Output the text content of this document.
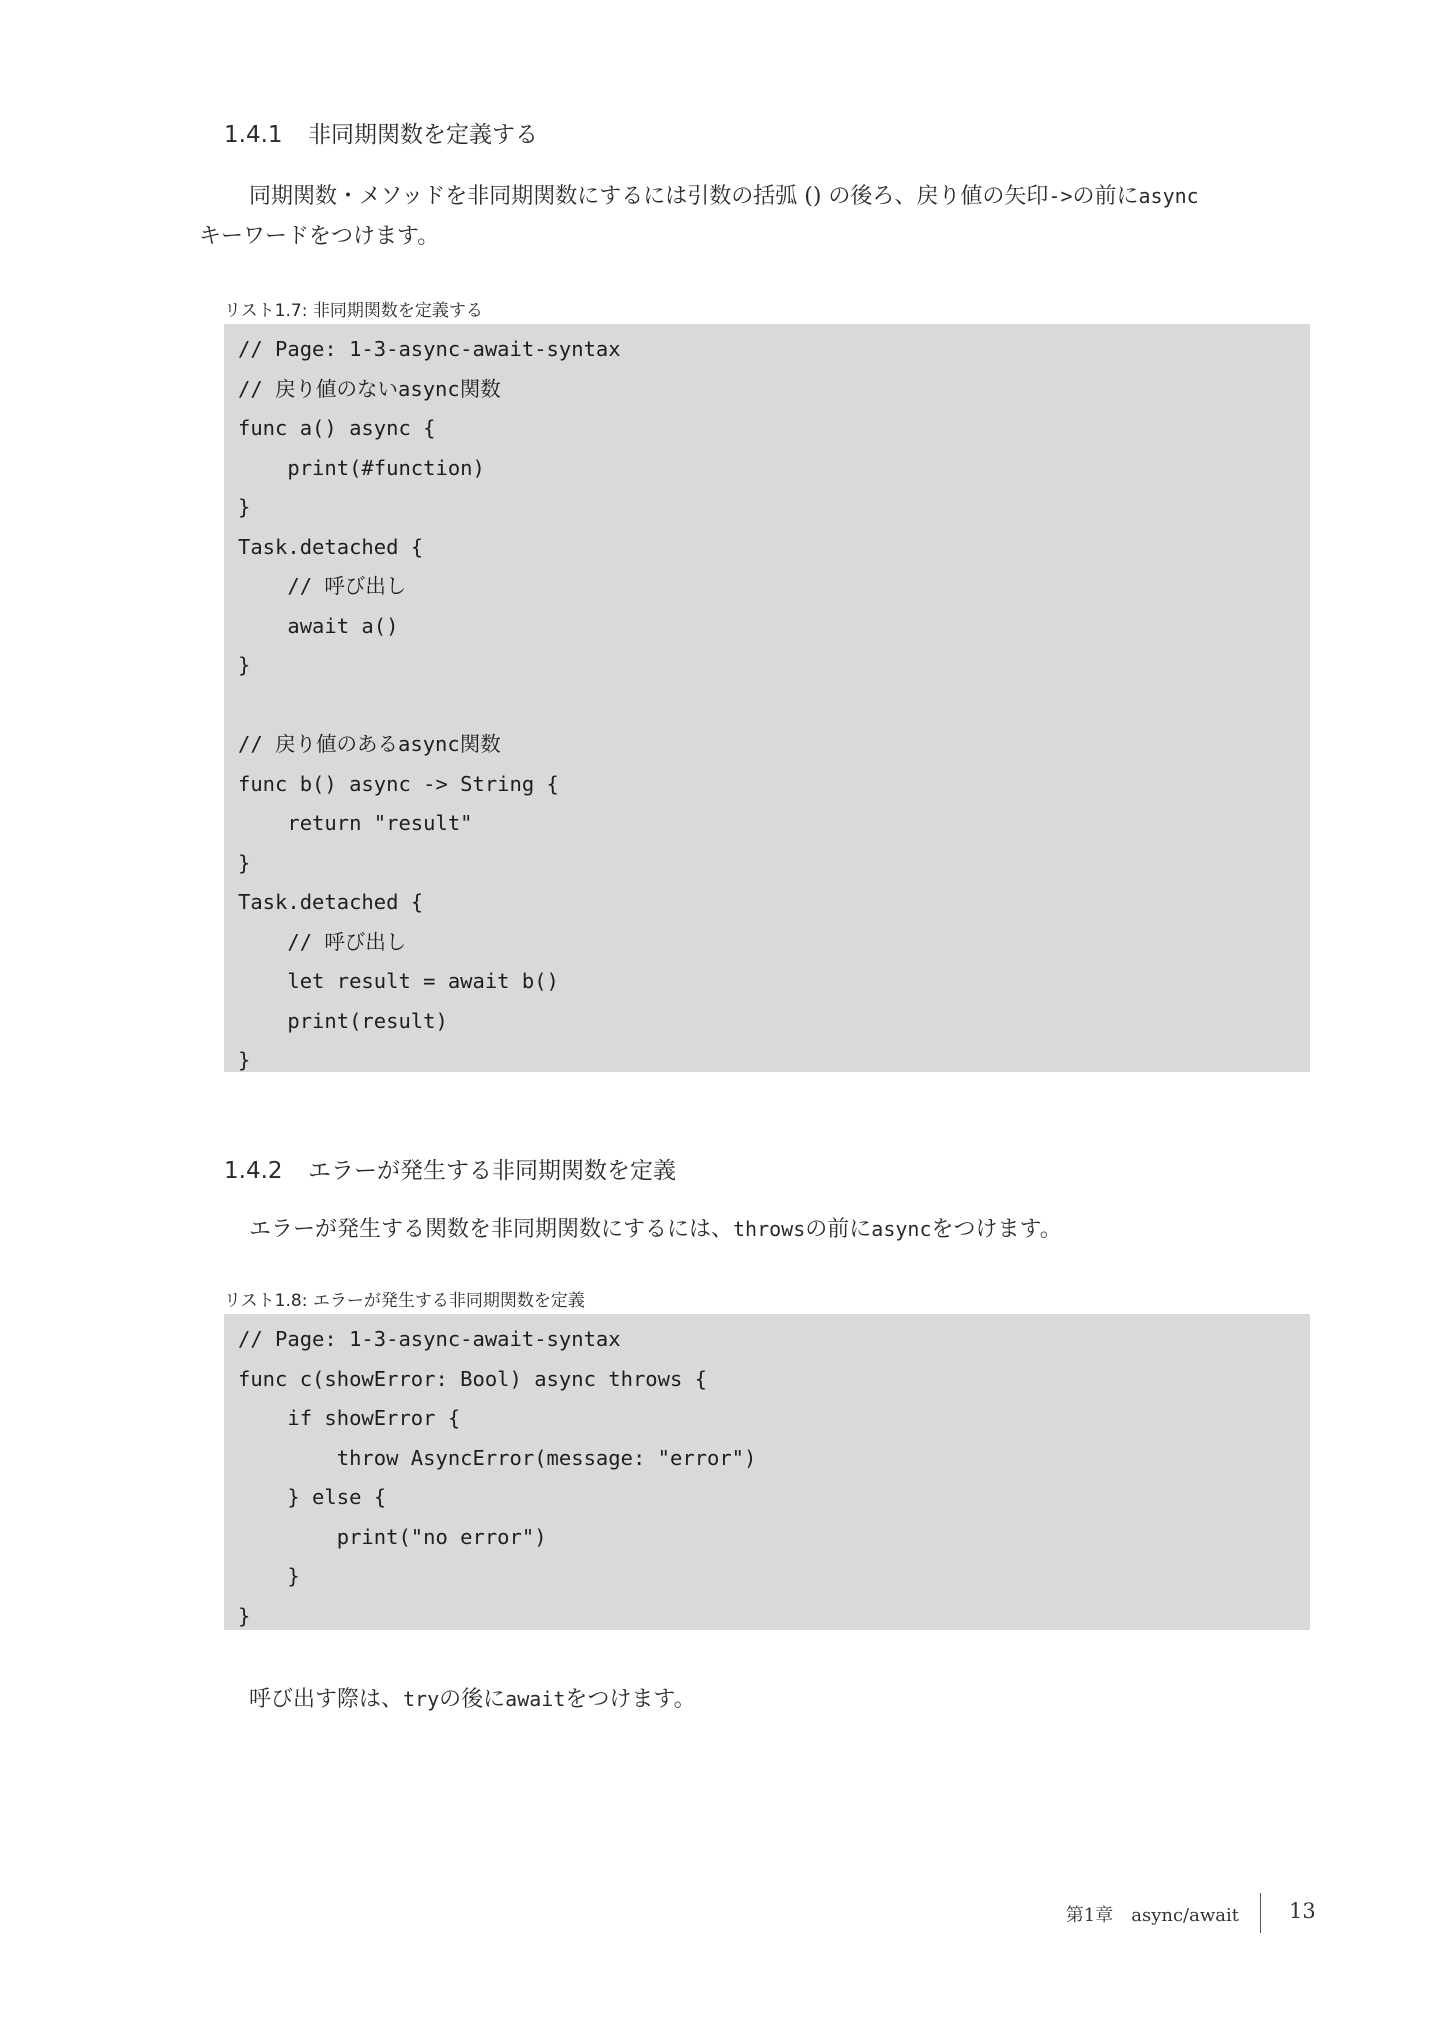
1.4.1 非同期関数を定義する
同期関数・メソッドを非同期関数にするには引数の括弧 () の後ろ、戻り値の矢印->の前にasync
キーワードをつけます。
リスト1.7: 非同期関数を定義する
// Page: 1-3-async-await-syntax
// 戻り値のないasync関数
func a() async {
print(#function)
}
Task.detached {
// 呼び出し
await a()
}

// 戻り値のあるasync関数
func b() async -> String {
return "result"
}
Task.detached {
// 呼び出し
let result = await b()
print(result)
}
1.4.2 エラーが発生する非同期関数を定義
エラーが発生する関数を非同期関数にするには、throwsの前にasyncをつけます。
リスト1.8: エラーが発生する非同期関数を定義
// Page: 1-3-async-await-syntax
func c(showError: Bool) async throws {
if showError {
throw AsyncError(message: "error")
} else {
print("no error")
}
}
呼び出す際は、tryの後にawaitをつけます。
第1章　async/await 13
